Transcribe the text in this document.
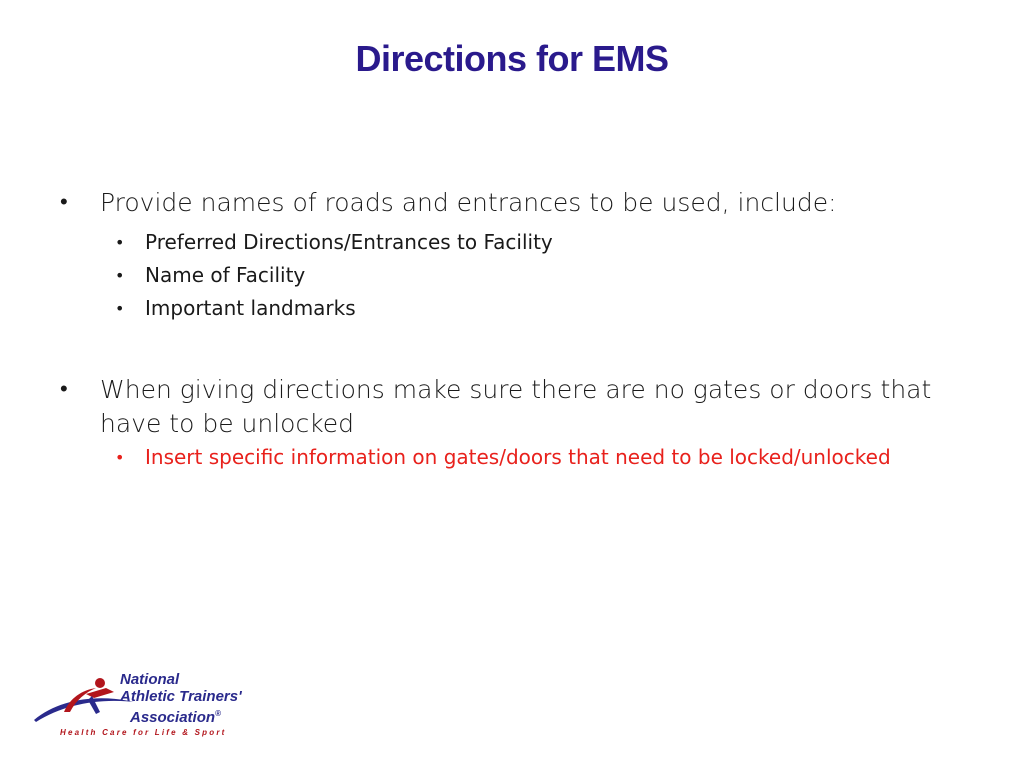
Directions for EMS
• Provide names of roads and entrances to be used, include:
• Preferred Directions/Entrances to Facility
• Name of Facility
• Important landmarks
• When giving directions make sure there are no gates or doors that have to be unlocked
• Insert specific information on gates/doors that need to be locked/unlocked
National
Athletic Trainers'
Association®
Health Care for Life & Sport
